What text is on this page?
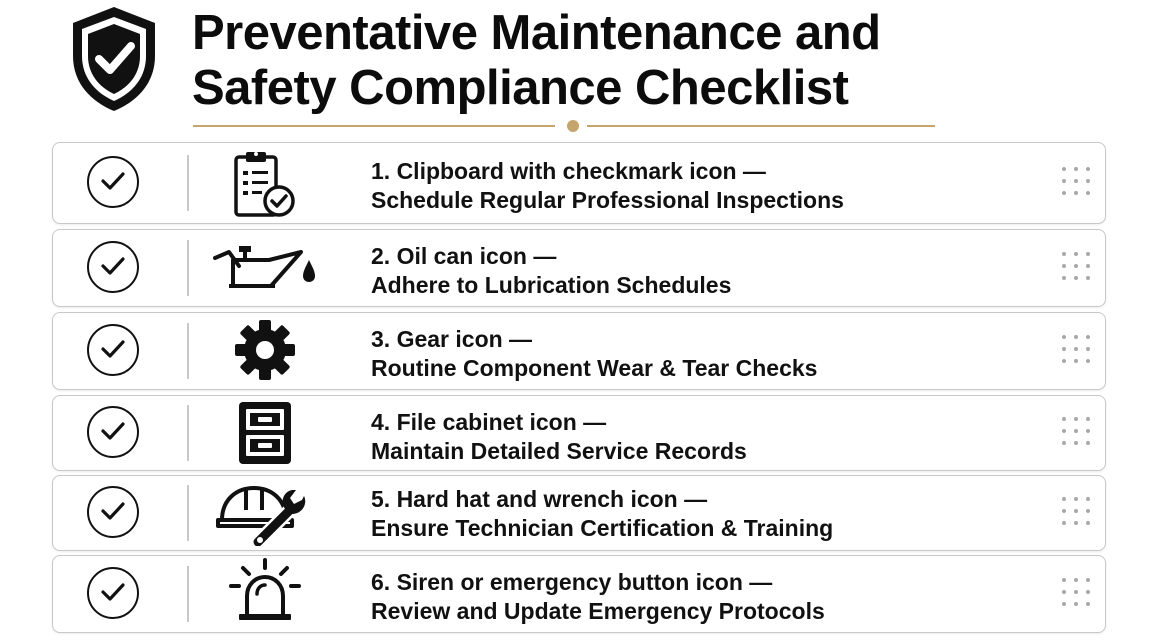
Preventative Maintenance and
Safety Compliance Checklist
1. Clipboard with checkmark icon —
Schedule Regular Professional Inspections
2. Oil can icon —
Adhere to Lubrication Schedules
3. Gear icon —
Routine Component Wear & Tear Checks
4. File cabinet icon —
Maintain Detailed Service Records
5. Hard hat and wrench icon —
Ensure Technician Certification & Training
6. Siren or emergency button icon —
Review and Update Emergency Protocols
